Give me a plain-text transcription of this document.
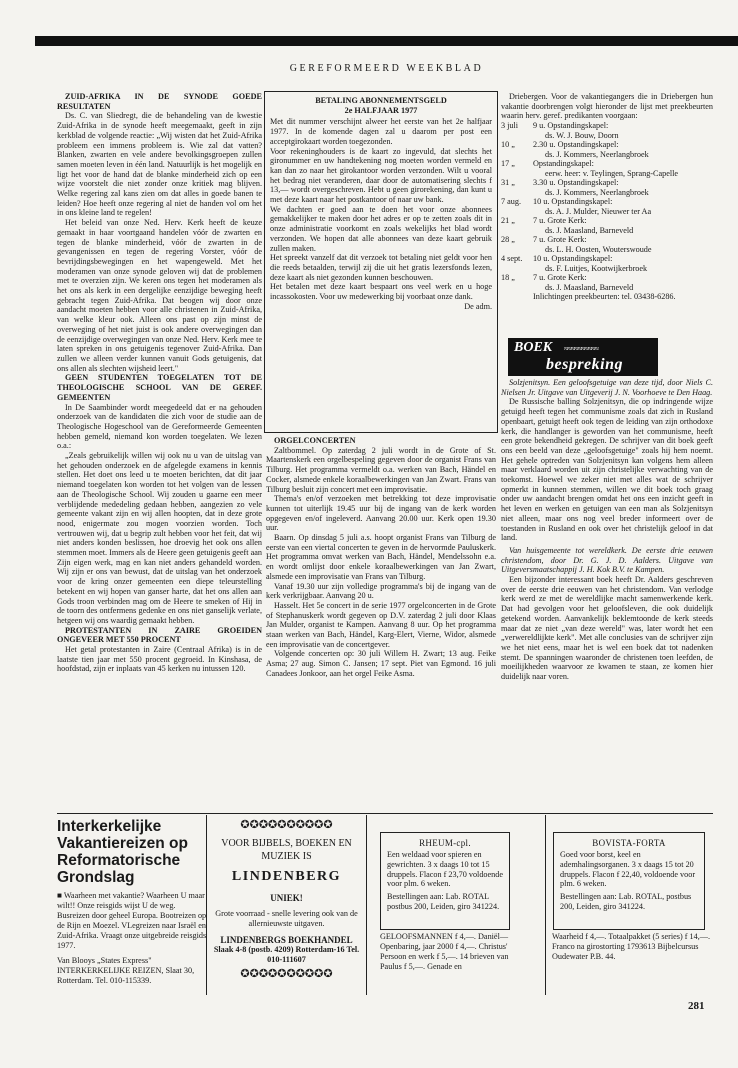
GEREFORMEERD WEEKBLAD

ZUID-AFRIKA IN DE SYNODE GOEDE RESULTATEN

Ds. C. van Sliedregt, die de behandeling van de kwestie Zuid-Afrika in de synode heeft meegemaakt, geeft in zijn kerkblad de volgende reactie: „Wij wisten dat het Zuid-Afrika probleem een immens probleem is. Wie zal dat vatten? Blanken, zwarten en vele andere bevolkingsgroepen zullen samen moeten leven in één land. Natuurlijk is het mogelijk en ligt het voor de hand dat de blanke minderheid zich op een wijze voorstelt die niet zonder onze kritiek mag blijven. Welke regering zal kans zien om dat alles in goede banen te leiden? Hoe heeft onze regering al niet de handen vol om het in ons kleine land te regelen!

Het beleid van onze Ned. Herv. Kerk heeft de keuze gemaakt in haar voortgaand handelen vóór de zwarten en tegen de blanke minderheid, vóór de zwarten in de gevangenissen en tegen de regering Vorster, vóór de bevrijdingsbewegingen en het wapengeweld. Met het moderamen van onze synode geloven wij dat de problemen met te overzien zijn. We keren ons tegen het moderamen als het ons als kerk in een dergelijke eenzijdige beweging heeft gebracht tegen Zuid-Afrika. Dat beogen wij door onze aandacht moeten hebben voor alle christenen in Zuid-Afrika, van welke kleur ook. Alleen ons past op zijn minst de overweging of het niet juist is ook andere overwegingen dan de eenzijdige overwegingen van onze Ned. Herv. Kerk mee te laten spreken in ons getuigenis tegenover Zuid-Afrika. Dan zullen we alleen verder kunnen vanuit Gods getuigenis, dat ons allen als slechten wijsheid leert."

GEEN STUDENTEN TOEGELATEN TOT DE THEOLOGISCHE SCHOOL VAN DE GEREF. GEMEENTEN

In De Saambinder wordt meegedeeld dat er na gehouden onderzoek van de kandidaten die zich voor de studie aan de Theologische Hogeschool van de Gereformeerde Gemeenten hebben gemeld, niemand kon worden toegelaten. We lezen o.a.:

„Zeals gebruikelijk willen wij ook nu u van de uitslag van het gehouden onderzoek en de afgelegde examens in kennis stellen. Het doet ons leed u te moeten berichten, dat dit jaar niemand toegelaten kon worden tot het volgen van de lessen aan de Theologische School. Wij zouden u gaarne een meer verblijdende mededeling gedaan hebben, aangezien zo vele gemeente vakant zijn en wij allen hoopten, dat in deze grote nood, enigermate zou mogen voorzien worden. Toch vertrouwen wij, dat u begrip zult hebben voor het feit, dat wij niet anders konden beslissen, hoe droevig het ook ons allen stemmen moet. Immers als de Heere geen getuigenis geeft aan Zijn eigen werk, mag en kan niet anders gehandeld worden. Wij zijn er ons van bewust, dat de uitslag van het onderzoek voor de kring onzer gemeenten een diepe teleurstelling betekent en wij hopen van ganser harte, dat het ons allen aan Gods troon verbinden mag om de Heere te smeken of Hij in de toorn des ontfermens gedenke en ons niet ganselijk verlate, hetgeen wij ons waardig gemaakt hebben.

PROTESTANTEN IN ZAIRE GROEIDEN ONGEVEER MET 550 PROCENT

Het getal protestanten in Zaire (Centraal Afrika) is in de laatste tien jaar met 550 procent gegroeid. In Kinshasa, de hoofdstad, zijn er inplaats van 45 kerken nu intussen 120.

BETALING ABONNEMENTSGELD

2e HALFJAAR 1977

Met dit nummer verschijnt alweer het eerste van het 2e halfjaar 1977. In de komende dagen zal u daarom per post een acceptgirokaart worden toegezonden.

Voor rekeninghouders is de kaart zo ingevuld, dat slechts het gironummer en uw handtekening nog moeten worden vermeld en kan dan zo naar het girokantoor worden verzonden. Wilt u vooral het bedrag niet veranderen, daar door de automatisering slechts f 13,— wordt overgeschreven. Hebt u geen girorekening, dan kunt u met deze kaart naar het postkantoor of naar uw bank.

We dachten er goed aan te doen het voor onze abonnees gemakkelijker te maken door het adres er op te zetten zoals dit in onze administratie voorkomt en zoals wekelijks het blad wordt verzonden. We hopen dat alle abonnees van deze kaart gebruik zullen maken.

Het spreekt vanzelf dat dit verzoek tot betaling niet geldt voor hen die reeds betaalden, terwijl zij die uit het gratis lezersfonds lezen, deze kaart als niet gezonden kunnen beschouwen.

Het betalen met deze kaart bespaart ons veel werk en u hoge incassokosten. Voor uw medewerking bij voorbaat onze dank.

De adm.

ORGELCONCERTEN

Zaltbommel. Op zaterdag 2 juli wordt in de Grote of St. Maartenskerk een orgelbespeling gegeven door de organist Frans van Tilburg. Het programma vermeldt o.a. werken van Bach, Händel en Cocker, alsmede enkele koraalbewerkingen van Jan Zwart. Frans van Tilburg besluit zijn concert met een improvisatie.

Thema's en/of verzoeken met betrekking tot deze improvisatie kunnen tot uiterlijk 19.45 uur bij de ingang van de kerk worden opgegeven en/of ingeleverd. Aanvang 20.00 uur. Kerk open 19.30 uur.

Baarn. Op dinsdag 5 juli a.s. hoopt organist Frans van Tilburg de eerste van een viertal concerten te geven in de hervormde Pauluskerk. Het programma omvat werken van Bach, Händel, Mendelssohn e.a. en wordt omlijst door enkele koraalbewerkingen van Jan Zwart, alsmede een improvisatie van Frans van Tilburg.

Vanaf 19.30 uur zijn volledige programma's bij de ingang van de kerk verkrijgbaar. Aanvang 20 u.

Hasselt. Het 5e concert in de serie 1977 orgelconcerten in de Grote of Stephanuskerk wordt gegeven op D.V. zaterdag 2 juli door Klaas Jan Mulder, organist te Kampen. Aanvang 8 uur. Op het programma staan werken van Bach, Händel, Karg-Elert, Vierne, Widor, alsmede een improvisatie van de concertgever.

Volgende concerten op: 30 juli Willem H. Zwart; 13 aug. Feike Asma; 27 aug. Simon C. Jansen; 17 sept. Piet van Egmond. 16 juli Canadees Jonkoor, aan het orgel Feike Asma.

Driebergen. Voor de vakantiegangers die in Driebergen hun vakantie doorbrengen volgt hieronder de lijst met preekbeurten waarin herv. geref. predikanten voorgaan:

3 juli	9 u. Opstandingskapel:
	ds. W. J. Bouw, Doorn
10 „	2.30 u. Opstandingskapel:
	ds. J. Kommers, Neerlangbroek
17 „	Opstandingskapel:
	eerw. heer: v. Teylingen, Sprang-Capelle
31 „	3.30 u. Opstandingskapel:
	ds. J. Kommers, Neerlangbroek
7 aug.	10 u. Opstandingskapel:
	ds. A. J. Mulder, Nieuwer ter Aa
21 „	7 u. Grote Kerk:
	ds. J. Maasland, Barneveld
28 „	7 u. Grote Kerk:
	ds. L. H. Oosten, Wouterswoude
4 sept.	10 u. Opstandingskapel:
	ds. F. Luitjes, Kootwijkerbroek
18 „	7 u. Grote Kerk:
	ds. J. Maasland, Barneveld

Inlichtingen preekbeurten: tel. 03438-6286.

BOEK ≈≈≈≈≈≈≈≈≈≈
bespreking

Solzjenitsyn. Een geloofsgetuige van deze tijd, door Niels C. Nielsen Jr. Uitgave van Uitgeverij J. N. Voorhoeve te Den Haag.

De Russische balling Solzjenitsyn, die op indringende wijze getuigd heeft tegen het communisme zoals dat zich in Rusland openbaart, getuigt heeft ook tegen de leiding van zijn orthodoxe kerk, die handlanger is geworden van het communisme, heeft een grote bekendheid gekregen. De schrijver van dit boek geeft ons een beeld van deze „geloofsgetuige" zoals hij hem noemt. Het gehele optreden van Solzjenitsyn kan volgens hem alleen maar verklaard worden uit zijn christelijke verwachting van de toekomst. Hoewel we zeker niet met alles wat de schrijver opmerkt in kunnen stemmen, willen we dit boek toch graag onder uw aandacht brengen omdat het ons een inzicht geeft in het leven en werken en getuigen van een man als Solzjenitsyn niet alleen, maar ons nog veel breder informeert over de toestanden in Rusland en ook over het christelijk geloof in dat land.

Van huisgemeente tot wereldkerk. De eerste drie eeuwen christendom, door Dr. G. J. D. Aalders. Uitgave van Uitgeversmaatschappij J. H. Kok B.V. te Kampen.

Een bijzonder interessant boek heeft Dr. Aalders geschreven over de eerste drie eeuwen van het christendom. Van verlodge kerk werd ze met de wereldlijke macht samenwerkende kerk. Dat had gevolgen voor het geloofsleven, die ook duidelijk getekend worden. Aanvankelijk beklemtoonde de kerk steeds maar dat ze niet „van deze wereld" was, later wordt het een „verwereldlijkte kerk". Met alle conclusies van de schrijver zijn we het niet eens, maar het is wel een boek dat tot nadenken stemt. De spanningen waaronder de christenen toen leefden, de moeilijkheden waarvoor ze kwamen te staan, ze komen hier duidelijk naar voren.

Interkerkelijke Vakantiereizen op Reformatorische Grondslag
■ Waarheen met vakantie? Waarheen U maar wilt!! Onze reisgids wijst U de weg. Busreizen door geheel Europa. Bootreizen op de Rijn en Moezel. VLegreizen naar Israël en Zuid-Afrika. Vraagt onze uitgebreide reisgids 1977.
Van Blooys „States Express" INTERKERKELIJKE REIZEN, Slaat 30, Rotterdam. Tel. 010-115339.
✪✪✪✪✪✪✪✪✪✪
VOOR BIJBELS, BOEKEN EN MUZIEK IS
LINDENBERG
UNIEK!
Grote voorraad - snelle levering ook van de allernieuwste uitgaven.
LINDENBERGS BOEKHANDEL
Slaak 4-8 (postb. 4209) Rotterdam-16 Tel. 010-111607
✪✪✪✪✪✪✪✪✪✪
RHEUM-cpl.
Een weldaad voor spieren en gewrichten. 3 x daags 10 tot 15 druppels. Flacon f 23,70 voldoende voor plm. 6 weken.
Bestellingen aan: Lab. ROTAL postbus 200, Leiden, giro 341224.
GELOOFSMANNEN f 4,—. Daniël—Openbaring, jaar 2000 f 4,—. Christus' Persoon en werk f 5,—. 14 brieven van Paulus f 5,—. Genade en
BOVISTA-FORTA
Goed voor borst, keel en ademhalingsorganen. 3 x daags 15 tot 20 druppels. Flacon f 22,40, voldoende voor plm. 6 weken.
Bestellingen aan: Lab. ROTAL, postbus 200, Leiden, giro 341224.
Waarheid f 4,—. Totaalpakket (5 series) f 14,—. Franco na girostorting 1793613 Bijbelcursus Oudewater P.B. 44.
281
